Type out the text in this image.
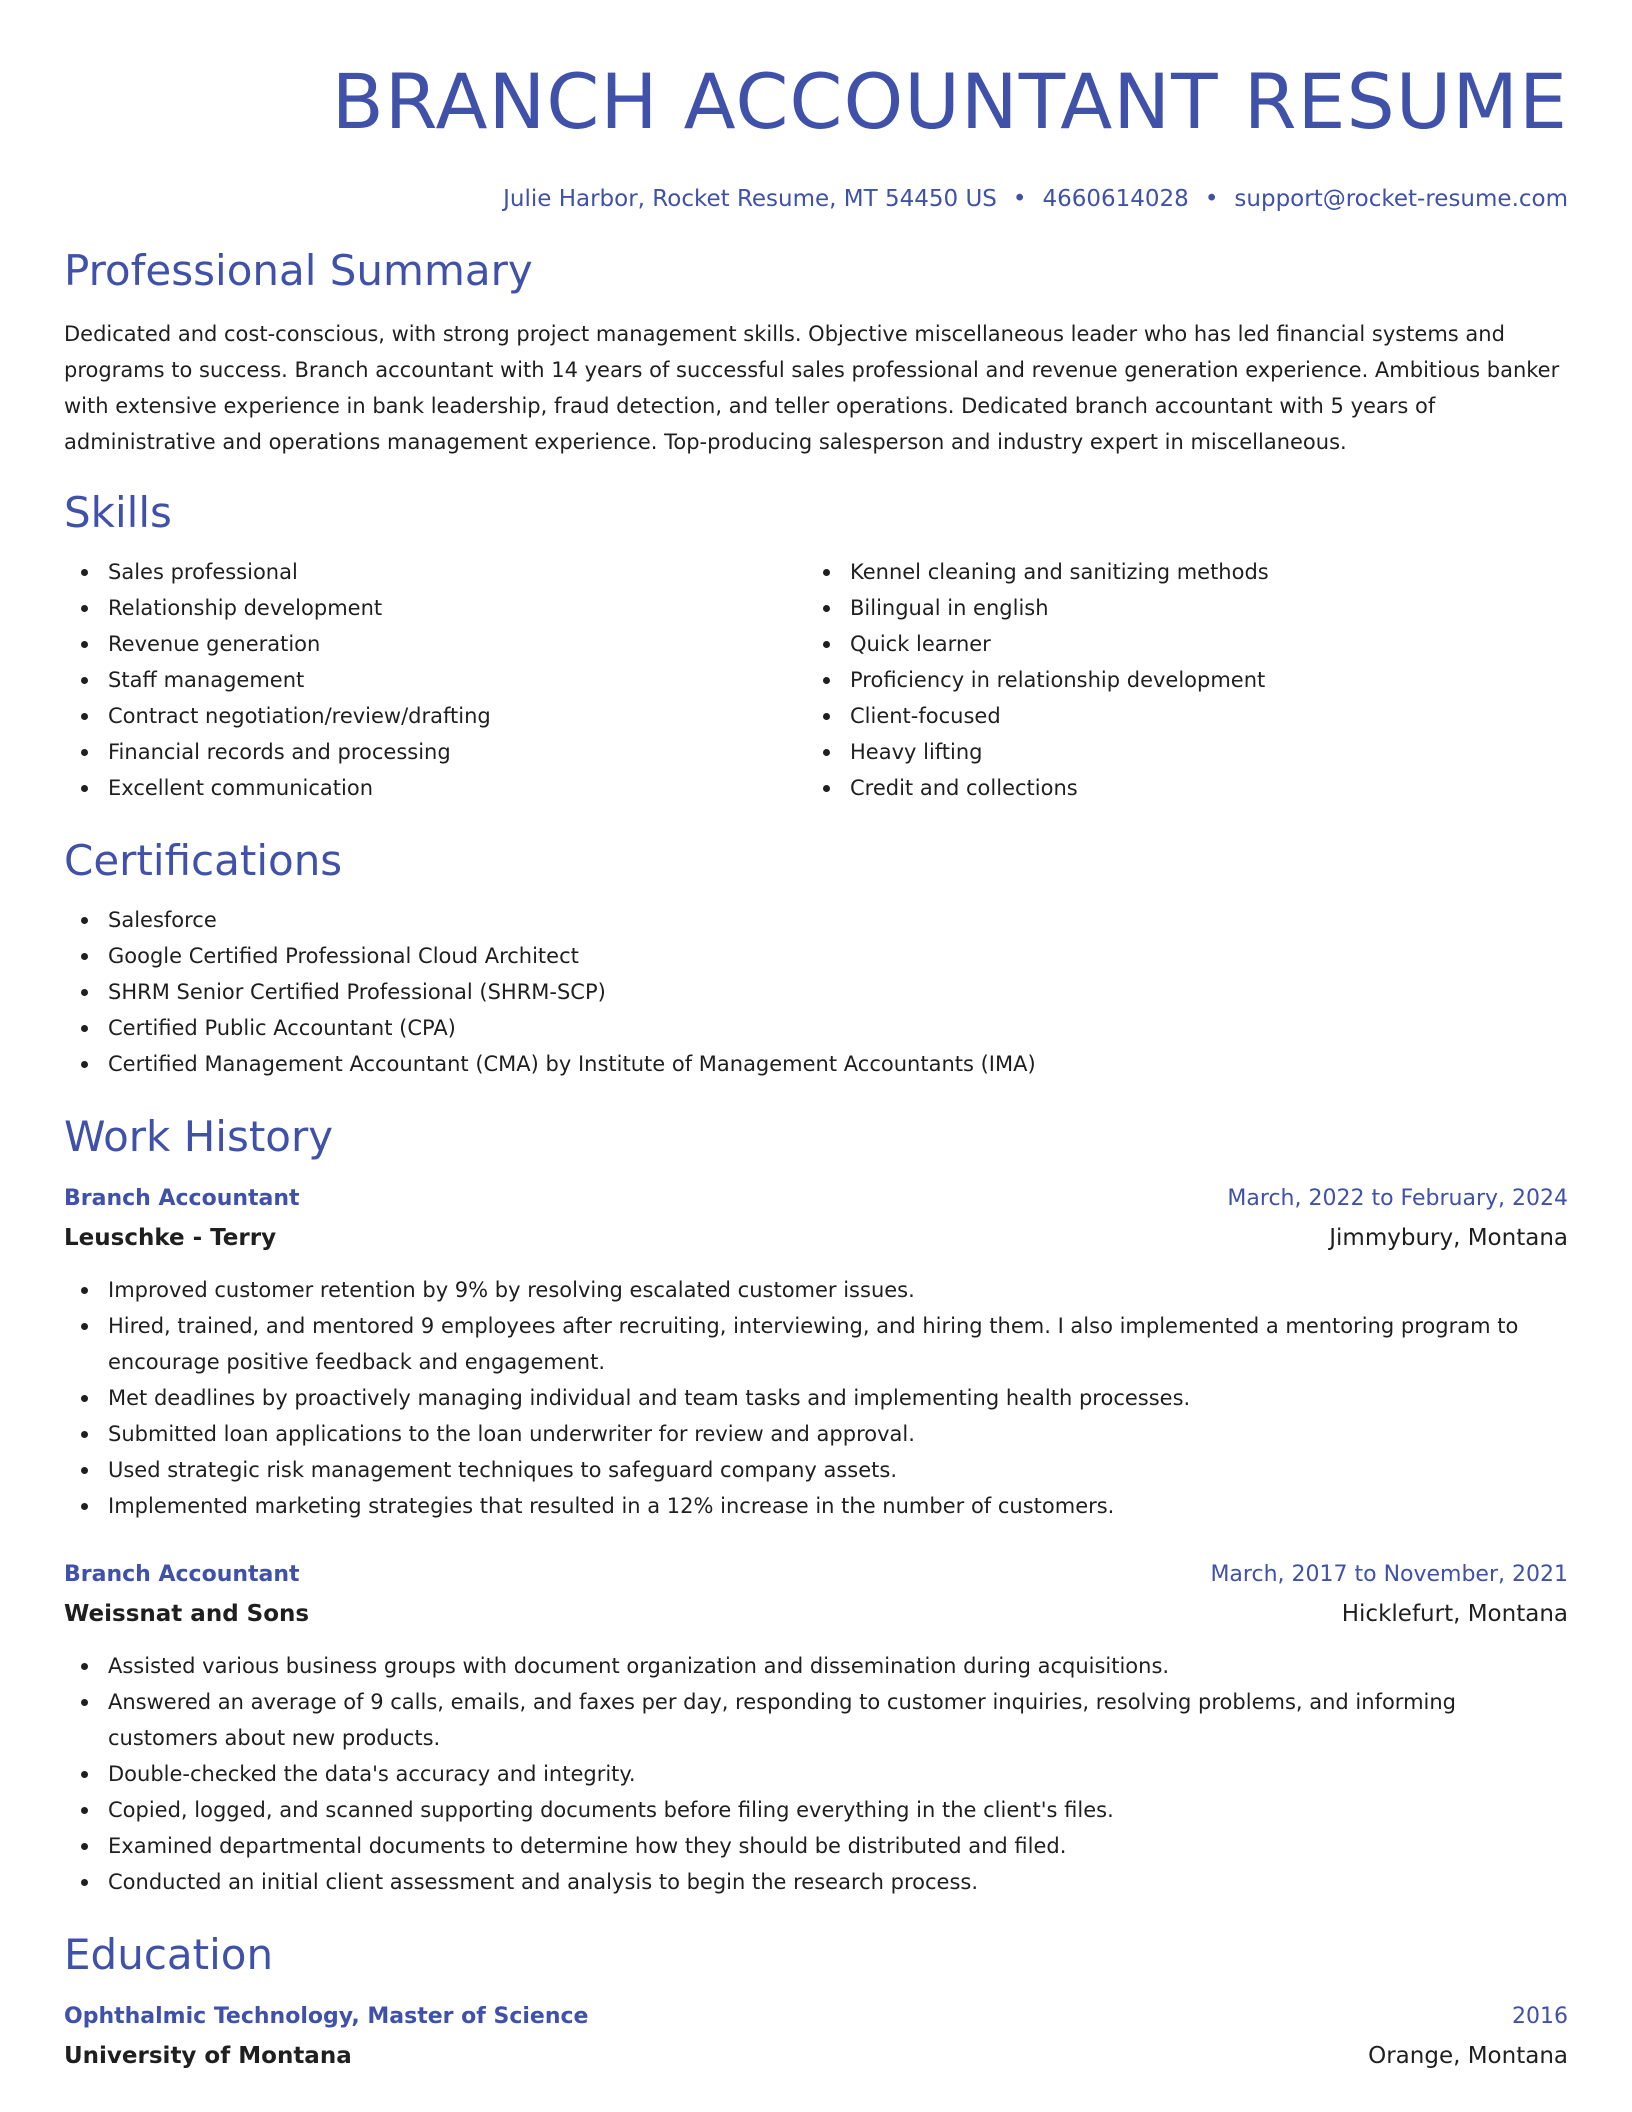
BRANCH ACCOUNTANT RESUME
Julie Harbor, Rocket Resume, MT 54450 US • 4660614028 • support@rocket-resume.com
Professional Summary

Dedicated and cost-conscious, with strong project management skills. Objective miscellaneous leader who has led financial systems and programs to success. Branch accountant with 14 years of successful sales professional and revenue generation experience. Ambitious banker with extensive experience in bank leadership, fraud detection, and teller operations. Dedicated branch accountant with 5 years of administrative and operations management experience. Top-producing salesperson and industry expert in miscellaneous.

Skills
Sales professional
Relationship development
Revenue generation
Staff management
Contract negotiation/review/drafting
Financial records and processing
Excellent communication
Kennel cleaning and sanitizing methods
Bilingual in english
Quick learner
Proficiency in relationship development
Client-focused
Heavy lifting
Credit and collections
Certifications
Salesforce
Google Certified Professional Cloud Architect
SHRM Senior Certified Professional (SHRM-SCP)
Certified Public Accountant (CPA)
Certified Management Accountant (CMA) by Institute of Management Accountants (IMA)
Work History
Branch Accountant	March, 2022 to February, 2024
Leuschke - Terry	Jimmybury, Montana
Improved customer retention by 9% by resolving escalated customer issues.
Hired, trained, and mentored 9 employees after recruiting, interviewing, and hiring them. I also implemented a mentoring program to encourage positive feedback and engagement.
Met deadlines by proactively managing individual and team tasks and implementing health processes.
Submitted loan applications to the loan underwriter for review and approval.
Used strategic risk management techniques to safeguard company assets.
Implemented marketing strategies that resulted in a 12% increase in the number of customers.
Branch Accountant	March, 2017 to November, 2021
Weissnat and Sons	Hicklefurt, Montana
Assisted various business groups with document organization and dissemination during acquisitions.
Answered an average of 9 calls, emails, and faxes per day, responding to customer inquiries, resolving problems, and informing customers about new products.
Double-checked the data's accuracy and integrity.
Copied, logged, and scanned supporting documents before filing everything in the client's files.
Examined departmental documents to determine how they should be distributed and filed.
Conducted an initial client assessment and analysis to begin the research process.
Education
Ophthalmic Technology, Master of Science	2016
University of Montana	Orange, Montana
